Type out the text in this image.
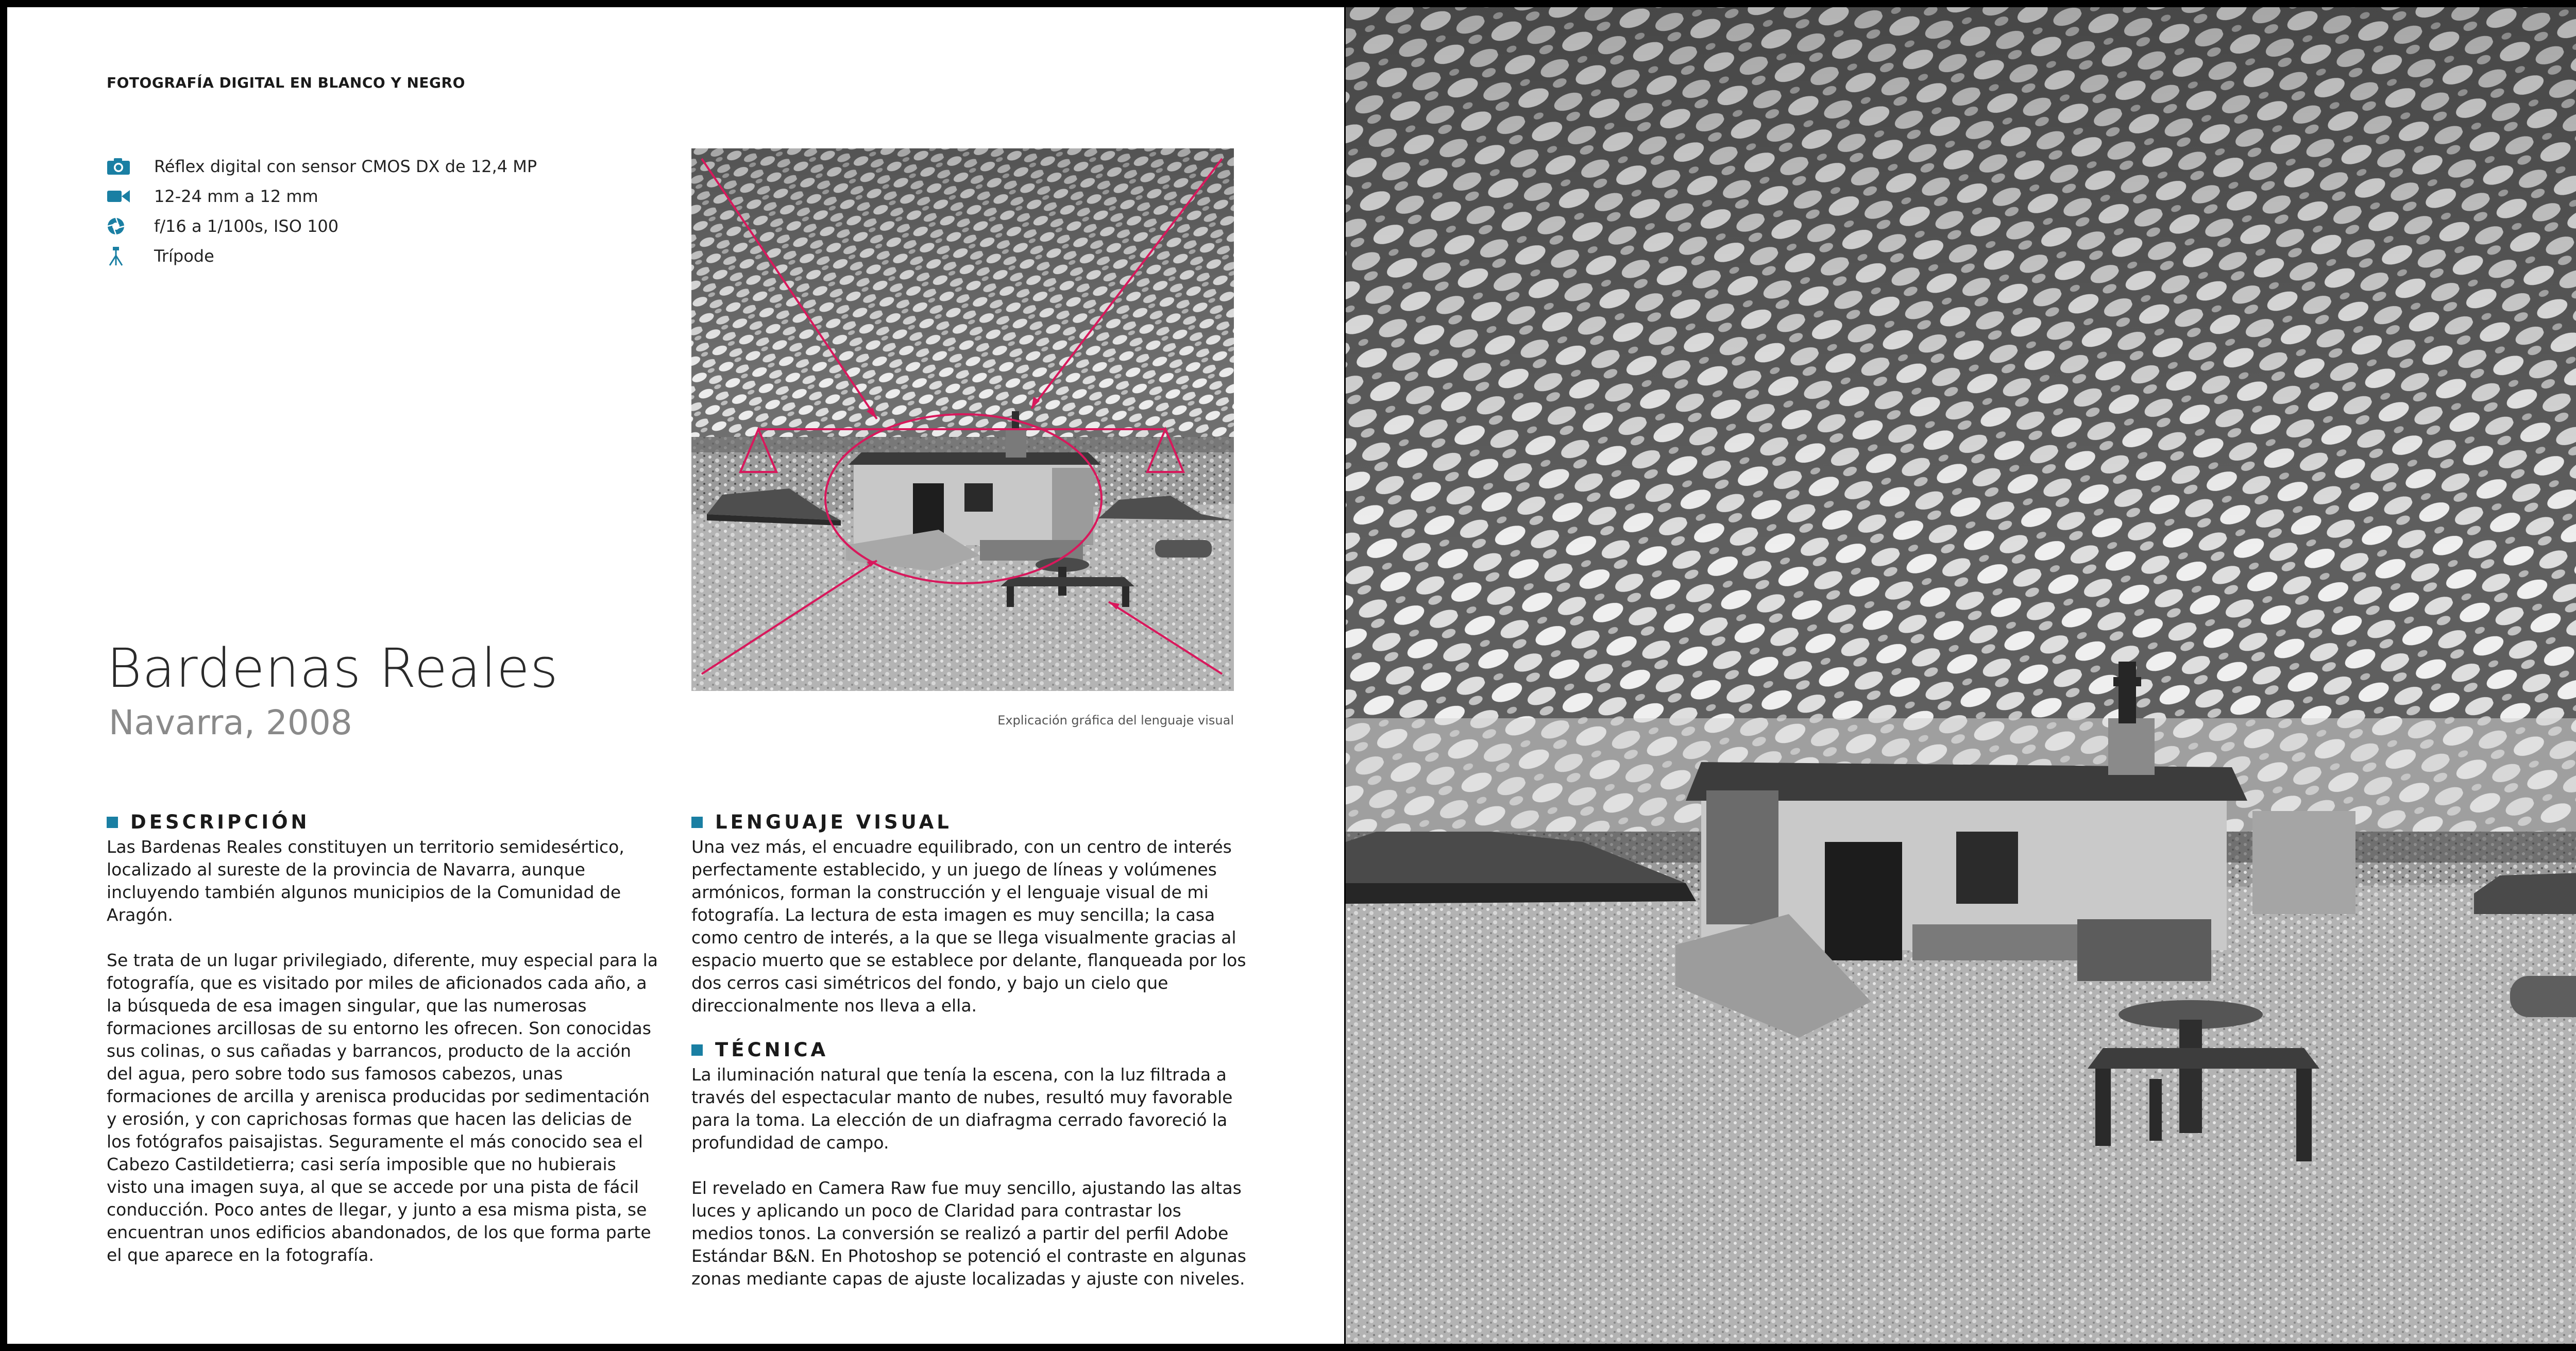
FOTOGRAFÍA DIGITAL EN BLANCO Y NEGRO
Réflex digital con sensor CMOS DX de 12,4 MP
12-24 mm a 12 mm
f/16 a 1/100s, ISO 100
Trípode
Explicación gráfica del lenguaje visual
Bardenas Reales
Navarra, 2008
DESCRIPCIÓN

Las Bardenas Reales constituyen un territorio semidesértico, localizado al sureste de la provincia de Navarra, aunque incluyendo también algunos municipios de la Comunidad de Aragón.

Se trata de un lugar privilegiado, diferente, muy especial para la fotografía, que es visitado por miles de aficionados cada año, a la búsqueda de esa imagen singular, que las numerosas formaciones arcillosas de su entorno les ofrecen. Son conocidas sus colinas, o sus cañadas y barrancos, producto de la acción del agua, pero sobre todo sus famosos cabezos, unas formaciones de arcilla y arenisca producidas por sedimentación y erosión, y con caprichosas formas que hacen las delicias de los fotógrafos paisajistas. Seguramente el más conocido sea el Cabezo Castildetierra; casi sería imposible que no hubierais visto una imagen suya, al que se accede por una pista de fácil conducción. Poco antes de llegar, y junto a esa misma pista, se encuentran unos edificios abandonados, de los que forma parte el que aparece en la fotografía.

LENGUAJE VISUAL

Una vez más, el encuadre equilibrado, con un centro de interés perfectamente establecido, y un juego de líneas y volúmenes armónicos, forman la construcción y el lenguaje visual de mi fotografía. La lectura de esta imagen es muy sencilla; la casa como centro de interés, a la que se llega visualmente gracias al espacio muerto que se establece por delante, flanqueada por los dos cerros casi simétricos del fondo, y bajo un cielo que direccionalmente nos lleva a ella.

TÉCNICA

La iluminación natural que tenía la escena, con la luz filtrada a través del espectacular manto de nubes, resultó muy favorable para la toma. La elección de un diafragma cerrado favoreció la profundidad de campo.

El revelado en Camera Raw fue muy sencillo, ajustando las altas luces y aplicando un poco de Claridad para contrastar los medios tonos. La conversión se realizó a partir del perfil Adobe Estándar B&N. En Photoshop se potenció el contraste en algunas zonas mediante capas de ajuste localizadas y ajuste con niveles.
